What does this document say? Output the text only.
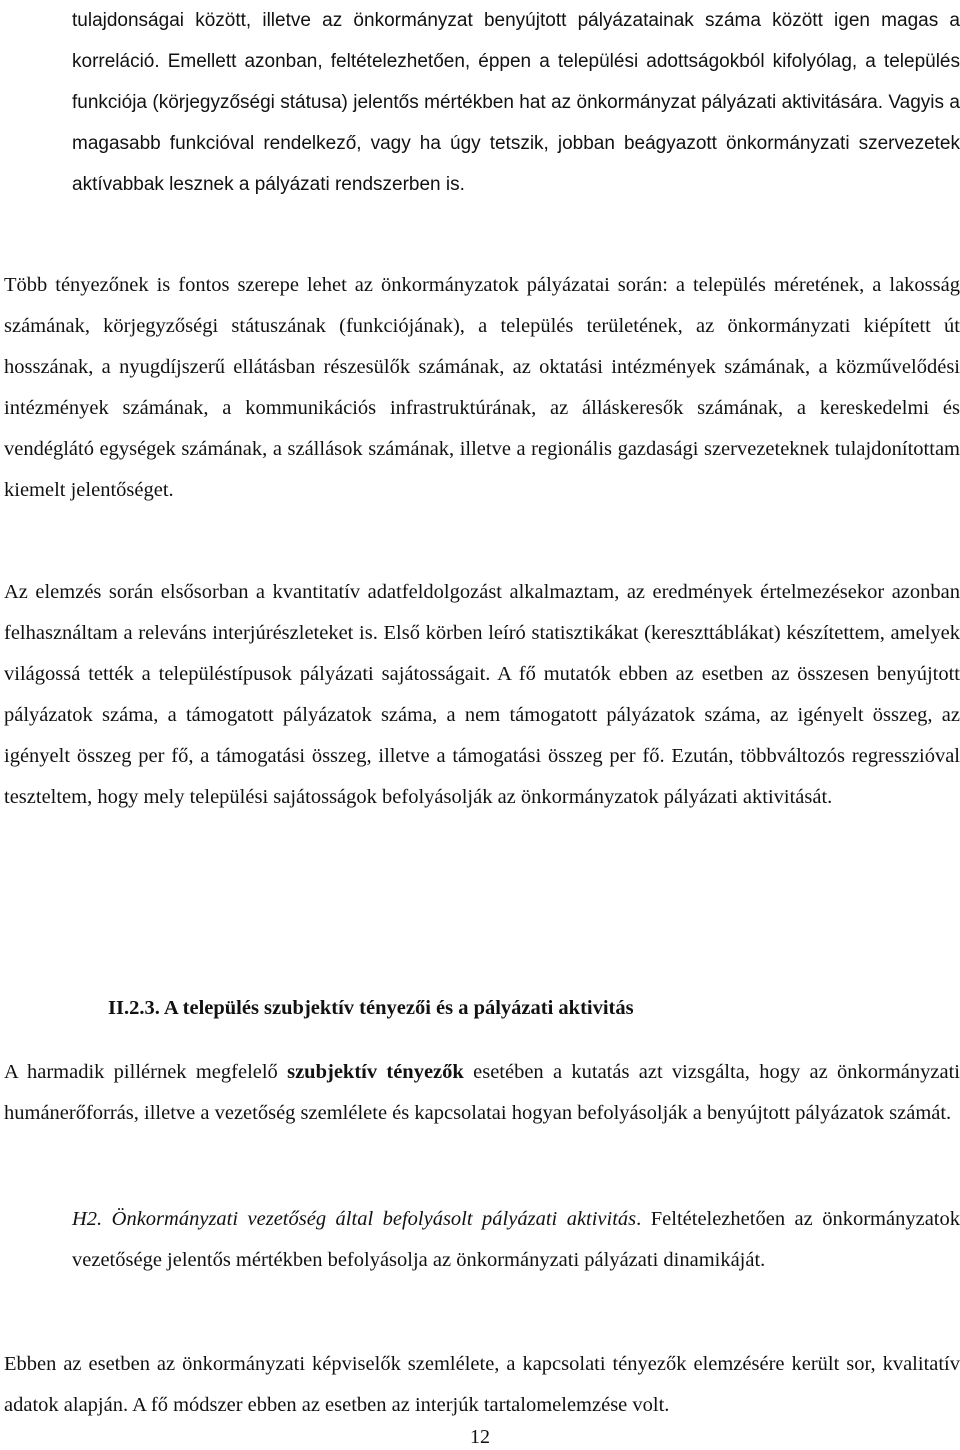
tulajdonságai között, illetve az önkormányzat benyújtott pályázatainak száma között igen magas a korreláció. Emellett azonban, feltételezhetően, éppen a települési adottságokból kifolyólag, a település funkciója (körjegyzőségi státusa) jelentős mértékben hat az önkormányzat pályázati aktivitására. Vagyis a magasabb funkcióval rendelkező, vagy ha úgy tetszik, jobban beágyazott önkormányzati szervezetek aktívabbak lesznek a pályázati rendszerben is.

Több tényezőnek is fontos szerepe lehet az önkormányzatok pályázatai során: a település méretének, a lakosság számának, körjegyzőségi státuszának (funkciójának), a település területének, az önkormányzati kiépített út hosszának, a nyugdíjszerű ellátásban részesülők számának, az oktatási intézmények számának, a közművelődési intézmények számának, a kommunikációs infrastruktúrának, az álláskeresők számának, a kereskedelmi és vendéglátó egységek számának, a szállások számának, illetve a regionális gazdasági szervezeteknek tulajdonítottam kiemelt jelentőséget.

Az elemzés során elsősorban a kvantitatív adatfeldolgozást alkalmaztam, az eredmények értelmezésekor azonban felhasználtam a releváns interjúrészleteket is. Első körben leíró statisztikákat (kereszttáblákat) készítettem, amelyek világossá tették a településtípusok pályázati sajátosságait. A fő mutatók ebben az esetben az összesen benyújtott pályázatok száma, a támogatott pályázatok száma, a nem támogatott pályázatok száma, az igényelt összeg, az igényelt összeg per fő, a támogatási összeg, illetve a támogatási összeg per fő. Ezután, többváltozós regresszióval teszteltem, hogy mely települési sajátosságok befolyásolják az önkormányzatok pályázati aktivitását.

II.2.3. A település szubjektív tényezői és a pályázati aktivitás

A harmadik pillérnek megfelelő szubjektív tényezők esetében a kutatás azt vizsgálta, hogy az önkormányzati humánerőforrás, illetve a vezetőség szemlélete és kapcsolatai hogyan befolyásolják a benyújtott pályázatok számát.

H2. Önkormányzati vezetőség által befolyásolt pályázati aktivitás. Feltételezhetően az önkormányzatok vezetősége jelentős mértékben befolyásolja az önkormányzati pályázati dinamikáját.

Ebben az esetben az önkormányzati képviselők szemlélete, a kapcsolati tényezők elemzésére került sor, kvalitatív adatok alapján. A fő módszer ebben az esetben az interjúk tartalomelemzése volt.

12
